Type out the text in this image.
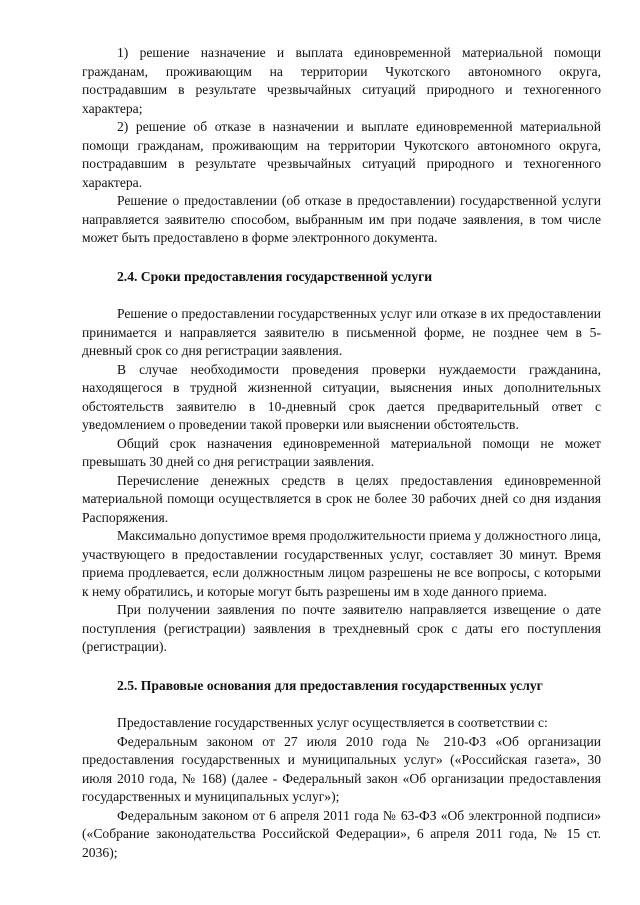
1) решение назначение и выплата единовременной материальной помощи гражданам, проживающим на территории Чукотского автономного округа, пострадавшим в результате чрезвычайных ситуаций природного и техногенного характера;

2) решение об отказе в назначении и выплате единовременной материальной помощи гражданам, проживающим на территории Чукотского автономного округа, пострадавшим в результате чрезвычайных ситуаций природного и техногенного характера.

Решение о предоставлении (об отказе в предоставлении) государственной услуги направляется заявителю способом, выбранным им при подаче заявления, в том числе может быть предоставлено в форме электронного документа.

2.4. Сроки предоставления государственной услуги

Решение о предоставлении государственных услуг или отказе в их предоставлении принимается и направляется заявителю в письменной форме, не позднее чем в 5-дневный срок со дня регистрации заявления.

В случае необходимости проведения проверки нуждаемости гражданина, находящегося в трудной жизненной ситуации, выяснения иных дополнительных обстоятельств заявителю в 10-дневный срок дается предварительный ответ с уведомлением о проведении такой проверки или выяснении обстоятельств.

Общий срок назначения единовременной материальной помощи не может превышать 30 дней со дня регистрации заявления.

Перечисление денежных средств в целях предоставления единовременной материальной помощи осуществляется в срок не более 30 рабочих дней со дня издания Распоряжения.

Максимально допустимое время продолжительности приема у должностного лица, участвующего в предоставлении государственных услуг, составляет 30 минут. Время приема продлевается, если должностным лицом разрешены не все вопросы, с которыми к нему обратились, и которые могут быть разрешены им в ходе данного приема.

При получении заявления по почте заявителю направляется извещение о дате поступления (регистрации) заявления в трехдневный срок с даты его поступления (регистрации).

2.5. Правовые основания для предоставления государственных услуг

Предоставление государственных услуг осуществляется в соответствии с:

Федеральным законом от 27 июля 2010 года № 210-ФЗ «Об организации предоставления государственных и муниципальных услуг» («Российская газета», 30 июля 2010 года, № 168) (далее - Федеральный закон «Об организации предоставления государственных и муниципальных услуг»);

Федеральным законом от 6 апреля 2011 года № 63-ФЗ «Об электронной подписи» («Собрание законодательства Российской Федерации», 6 апреля 2011 года, № 15 ст. 2036);
